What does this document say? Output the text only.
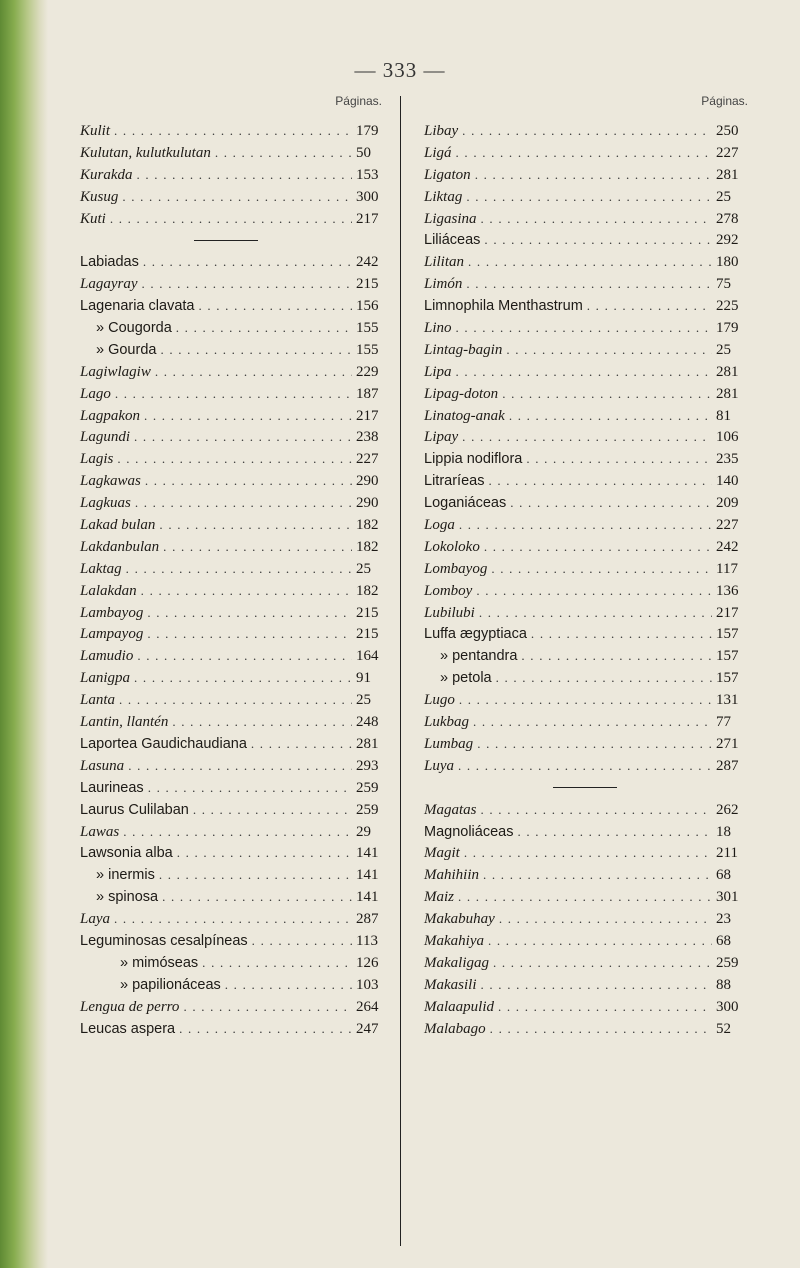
— 333 —
Páginas.
Kulit . . .	179
Kulutan, kulutkulutan . . .	50
Kurakda . . .	153
Kusug . . .	300
Kuti . . .	217
Labiadas . . .	242
Lagayray . . .	215
Lagenaria clavata . . .	156
» Cougorda . . .	155
» Gourda . . .	155
Lagiwlagiw . . .	229
Lago . . .	187
Lagpakon . . .	217
Lagundi . . .	238
Lagis . . .	227
Lagkawas . . .	290
Lagkuas . . .	290
Lakad bulan . . .	182
Lakdanbulan . . .	182
Laktag . . .	25
Lalakdan . . .	182
Lambayog . . .	215
Lampayog . . .	215
Lamudio . . .	164
Lanigpa . . .	91
Lanta . . .	25
Lantin, llantén . . .	248
Laportea Gaudichaudiana . . .	281
Lasuna . . .	293
Laurineas . . .	259
Laurus Culilaban . . .	259
Lawas . . .	29
Lawsonia alba . . .	141
» inermis . . .	141
» spinosa . . .	141
Laya . . .	287
Leguminosas cesalpíneas . . .	113
» mimóseas . . .	126
» papilionáceas . . .	103
Lengua de perro . . .	264
Leucas aspera . . .	247
Páginas.
Libay . . .	250
Ligá . . .	227
Ligaton . . .	281
Liktag . . .	25
Ligasina . . .	278
Liliáceas . . .	292
Lilitan . . .	180
Limón . . .	75
Limnophila Menthastrum . . .	225
Lino . . .	179
Lintag-bagin . . .	25
Lipa . . .	281
Lipag-doton . . .	281
Linatog-anak . . .	81
Lipay . . .	106
Lippia nodiflora . . .	235
Litraríeas . . .	140
Loganiáceas . . .	209
Loga . . .	227
Lokoloko . . .	242
Lombayog . . .	117
Lomboy . . .	136
Lubilubi . . .	217
Luffa ægyptiaca . . .	157
» pentandra . . .	157
» petola . . .	157
Lugo . . .	131
Lukbag . . .	77
Lumbag . . .	271
Luya . . .	287
Magatas . . .	262
Magnoliáceas . . .	18
Magit . . .	211
Mahihiin . . .	68
Maiz . . .	301
Makabuhay . . .	23
Makahiya . . .	68
Makaligag . . .	259
Makasili . . .	88
Malaapulid . . .	300
Malabago . . .	52
